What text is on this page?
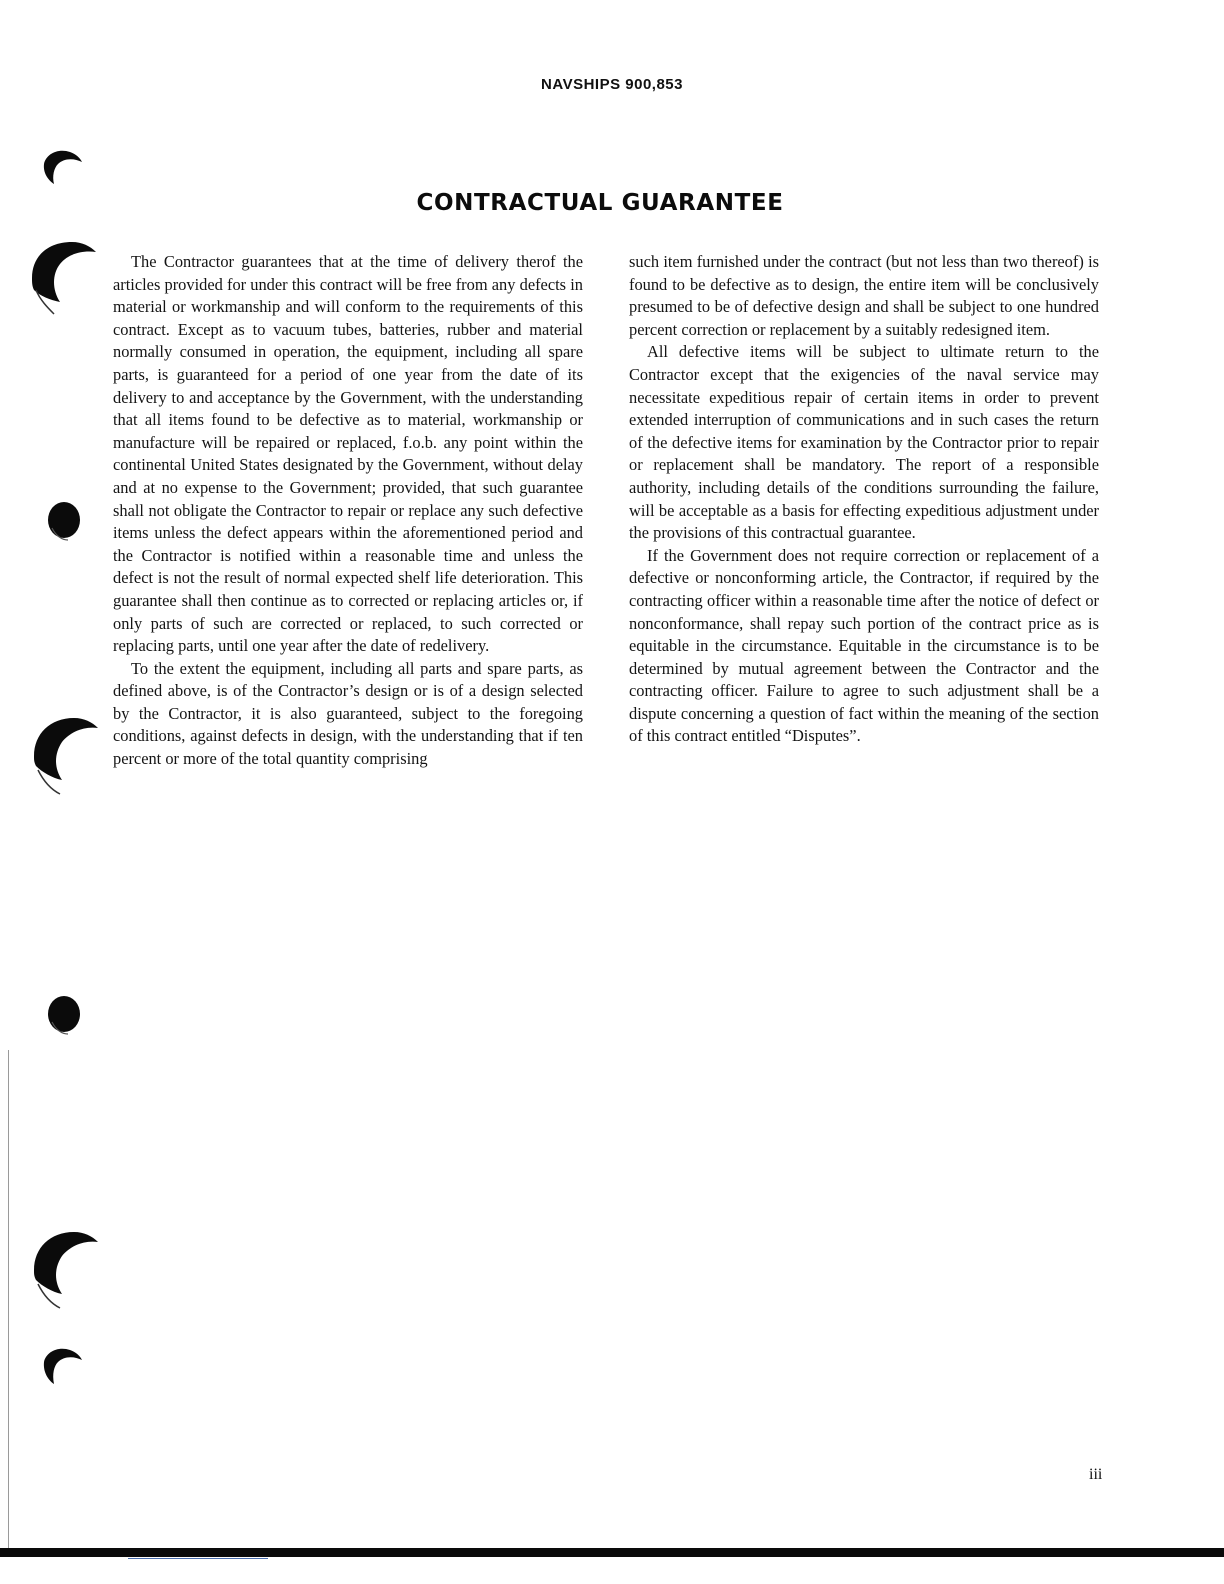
NAVSHIPS 900,853
CONTRACTUAL GUARANTEE

The Contractor guarantees that at the time of delivery therof the articles provided for under this contract will be free from any defects in material or workmanship and will conform to the requirements of this contract. Except as to vacuum tubes, batteries, rubber and material normally consumed in operation, the equipment, including all spare parts, is guaranteed for a period of one year from the date of its delivery to and acceptance by the Government, with the understanding that all items found to be defective as to material, workmanship or manufacture will be repaired or replaced, f.o.b. any point within the continental United States designated by the Government, without delay and at no expense to the Government; provided, that such guarantee shall not obligate the Contractor to repair or replace any such defective items unless the defect appears within the aforementioned period and the Contractor is notified within a reasonable time and unless the defect is not the result of normal expected shelf life deterioration. This guarantee shall then continue as to corrected or replacing articles or, if only parts of such are corrected or replaced, to such corrected or replacing parts, until one year after the date of redelivery.

To the extent the equipment, including all parts and spare parts, as defined above, is of the Contractor’s design or is of a design selected by the Contractor, it is also guaranteed, subject to the foregoing conditions, against defects in design, with the understanding that if ten percent or more of the total quantity comprising

such item furnished under the contract (but not less than two thereof) is found to be defective as to design, the entire item will be conclusively presumed to be of defective design and shall be subject to one hundred percent correction or replacement by a suitably redesigned item.

All defective items will be subject to ultimate return to the Contractor except that the exigencies of the naval service may necessitate expeditious repair of certain items in order to prevent extended interruption of communications and in such cases the return of the defective items for examination by the Contractor prior to repair or replacement shall be mandatory. The report of a responsible authority, including details of the conditions surrounding the failure, will be acceptable as a basis for effecting expeditious adjustment under the provisions of this contractual guarantee.

If the Government does not require correction or replacement of a defective or nonconforming article, the Contractor, if required by the contracting officer within a reasonable time after the notice of defect or nonconformance, shall repay such portion of the contract price as is equitable in the circumstance. Equitable in the circumstance is to be determined by mutual agreement between the Contractor and the contracting officer. Failure to agree to such adjustment shall be a dispute concerning a question of fact within the meaning of the section of this contract entitled “Disputes”.

iii
